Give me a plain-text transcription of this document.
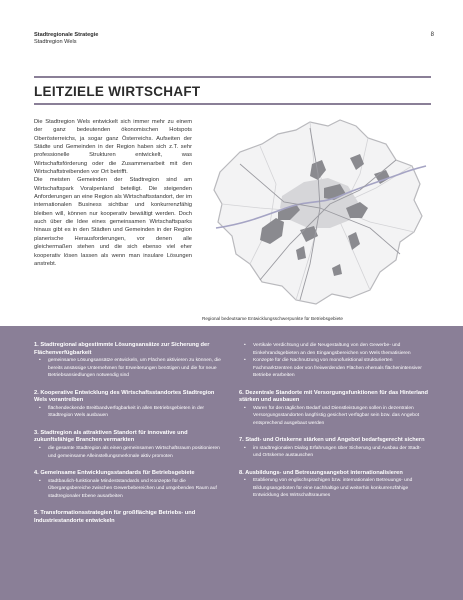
Stadtregionale Strategie
Stadtregion Wels
8
LEITZIELE WIRTSCHAFT

Die Stadtregion Wels entwickelt sich immer mehr zu einem der ganz bedeutenden ökonomischen Hotspots Oberösterreichs, ja sogar ganz Österreichs. Aufseiten der Städte und Gemeinden in der Region haben sich z.T. sehr professionelle Strukturen entwickelt, was Wirtschaftsförderung oder die Zusammenarbeit mit den Wirtschaftstreibenden vor Ort betrifft.

Die meisten Gemeinden der Stadtregion sind am Wirtschaftspark Voralpenland beteiligt. Die steigenden Anforderungen an eine Region als Wirtschaftsstandort, der im internationalen Business sichtbar und konkurrenzfähig bleiben will, können nur kooperativ bewältigt werden. Doch auch über die Idee eines gemeinsamen Wirtschaftsparks hinaus gibt es in den Städten und Gemeinden in der Region planerische Herausforderungen, vor denen alle gleichermaßen stehen und die sich ebenso viel eher kooperativ lösen lassen als wenn man insulare Lösungen anstrebt.

Regional bedeutsame Entwicklungsschwerpunkte für Betriebsgebiete
1. Stadtregional abgestimmte Lösungsansätze zur Sicherung der Flächenverfügbarkeit
• gemeinsame Lösungsansätze entwickeln, um Flächen aktivieren zu können, die bereits ansässige Unternehmen für Erweiterungen benötigen und die für neue Betriebsansiedlungen notwendig sind
2. Kooperative Entwicklung des Wirtschaftsstandortes Stadtregion Wels vorantreiben
• flächendeckende Breitbandverfügbarkeit in allen Betriebsgebieten in der Stadtregion Wels ausbauen
3. Stadtregion als attraktiven Standort für innovative und zukunftsfähige Branchen vermarkten
• die gesamte Stadtregion als einen gemeinsamen Wirtschaftsraum positionieren und gemeinsame Alleinstellungsmerkmale aktiv promoten
4. Gemeinsame Entwicklungsstandards für Betriebsgebiete
• stadtbaulich-funktionale Mindeststandards und Konzepte für die Übergangsbereiche zwischen Gewerbebereichen und umgebenden Raum auf stadtregionaler Ebene ausarbeiten
5. Transformationsstrategien für großflächige Betriebs- und Industriestandorte entwickeln
• Vertikale Verdichtung und die Neugestaltung von den Gewerbe- und Einkehrandsgebieten an den Eingangsbereichen von Wels thematisieren
• Konzepte für die Nachnutzung von monofunktional strukturierten Fachmarktzentren oder von freiwerdenden Flächen ehemals flächenintensiver Betriebe erarbeiten
6. Dezentrale Standorte mit Versorgungsfunktionen für das Hinterland stärken und ausbauen
• Waren für den täglichen Bedarf und Dienstleistungen sollen in dezentralen Versorgungsstandorten langfristig gesichert verfügbar sein bzw. das Angebot entsprechend ausgebaut werden
7. Stadt- und Ortskerne stärken und Angebot bedarfsgerecht sichern
• im stadtregionalen Dialog Erfahrungen über Sicherung und Ausbau der Stadt- und Ortskerne austauschen
8. Ausbildungs- und Betreuungsangebot internationalisieren
• Etablierung von englischsprachigen bzw. internationalen Betreuungs- und Bildungsangeboten für eine nachhaltige und weiterhin konkurrenzfähige Entwicklung des Wirtschaftsraumes
